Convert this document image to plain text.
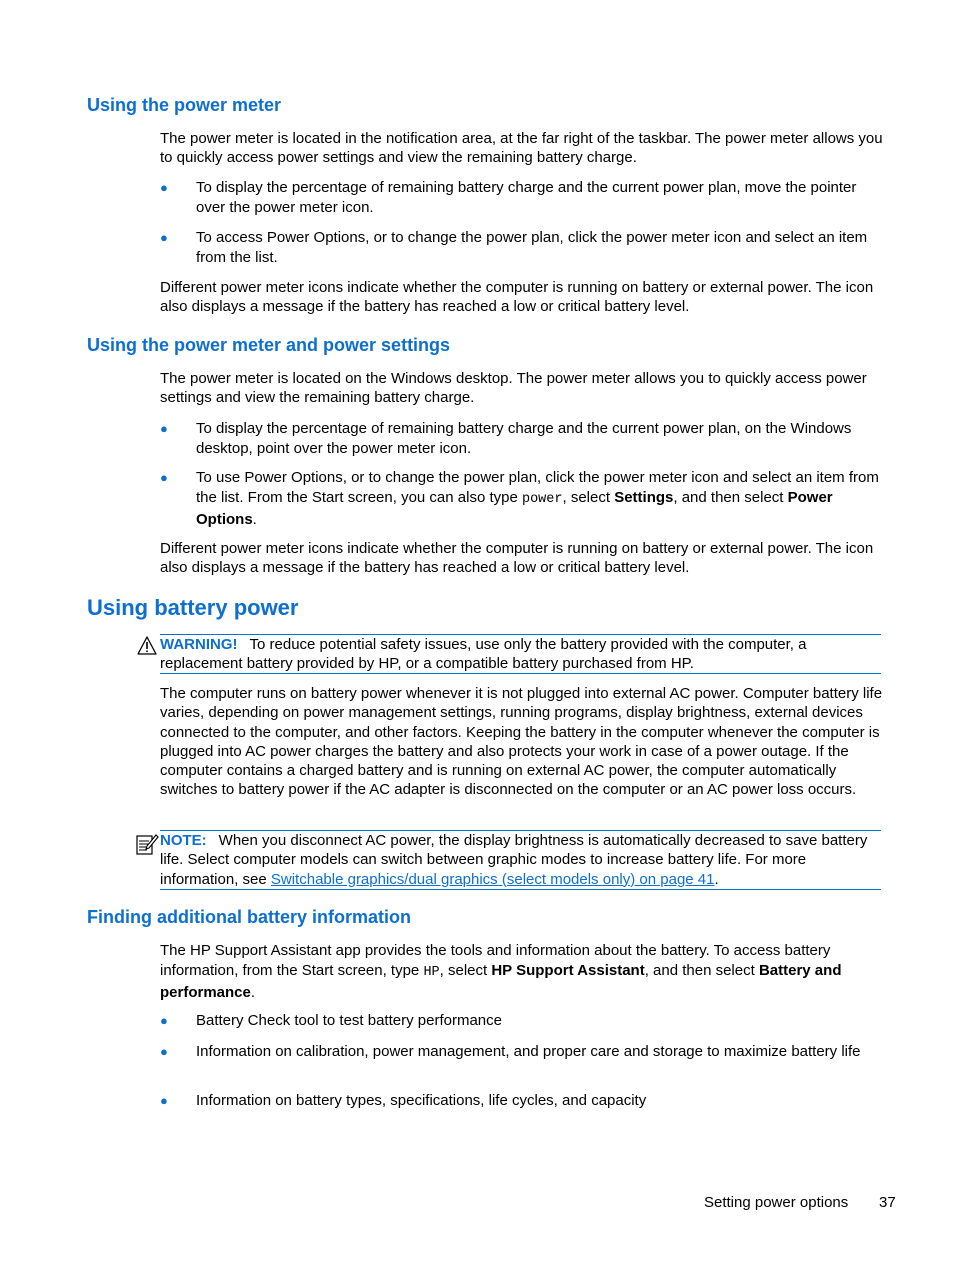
Using the power meter

The power meter is located in the notification area, at the far right of the taskbar. The power meter allows you to quickly access power settings and view the remaining battery charge.

● To display the percentage of remaining battery charge and the current power plan, move the pointer over the power meter icon.
● To access Power Options, or to change the power plan, click the power meter icon and select an item from the list.

Different power meter icons indicate whether the computer is running on battery or external power. The icon also displays a message if the battery has reached a low or critical battery level.

Using the power meter and power settings

The power meter is located on the Windows desktop. The power meter allows you to quickly access power settings and view the remaining battery charge.

● To display the percentage of remaining battery charge and the current power plan, on the Windows desktop, point over the power meter icon.
● To use Power Options, or to change the power plan, click the power meter icon and select an item from the list. From the Start screen, you can also type power, select Settings, and then select Power Options.

Different power meter icons indicate whether the computer is running on battery or external power. The icon also displays a message if the battery has reached a low or critical battery level.

Using battery power
WARNING! To reduce potential safety issues, use only the battery provided with the computer, a replacement battery provided by HP, or a compatible battery purchased from HP.

The computer runs on battery power whenever it is not plugged into external AC power. Computer battery life varies, depending on power management settings, running programs, display brightness, external devices connected to the computer, and other factors. Keeping the battery in the computer whenever the computer is plugged into AC power charges the battery and also protects your work in case of a power outage. If the computer contains a charged battery and is running on external AC power, the computer automatically switches to battery power if the AC adapter is disconnected on the computer or an AC power loss occurs.

NOTE: When you disconnect AC power, the display brightness is automatically decreased to save battery life. Select computer models can switch between graphic modes to increase battery life. For more information, see Switchable graphics/dual graphics (select models only) on page 41.
Finding additional battery information

The HP Support Assistant app provides the tools and information about the battery. To access battery information, from the Start screen, type HP, select HP Support Assistant, and then select Battery and performance.

● Battery Check tool to test battery performance
● Information on calibration, power management, and proper care and storage to maximize battery life
● Information on battery types, specifications, life cycles, and capacity
Setting power options 37
